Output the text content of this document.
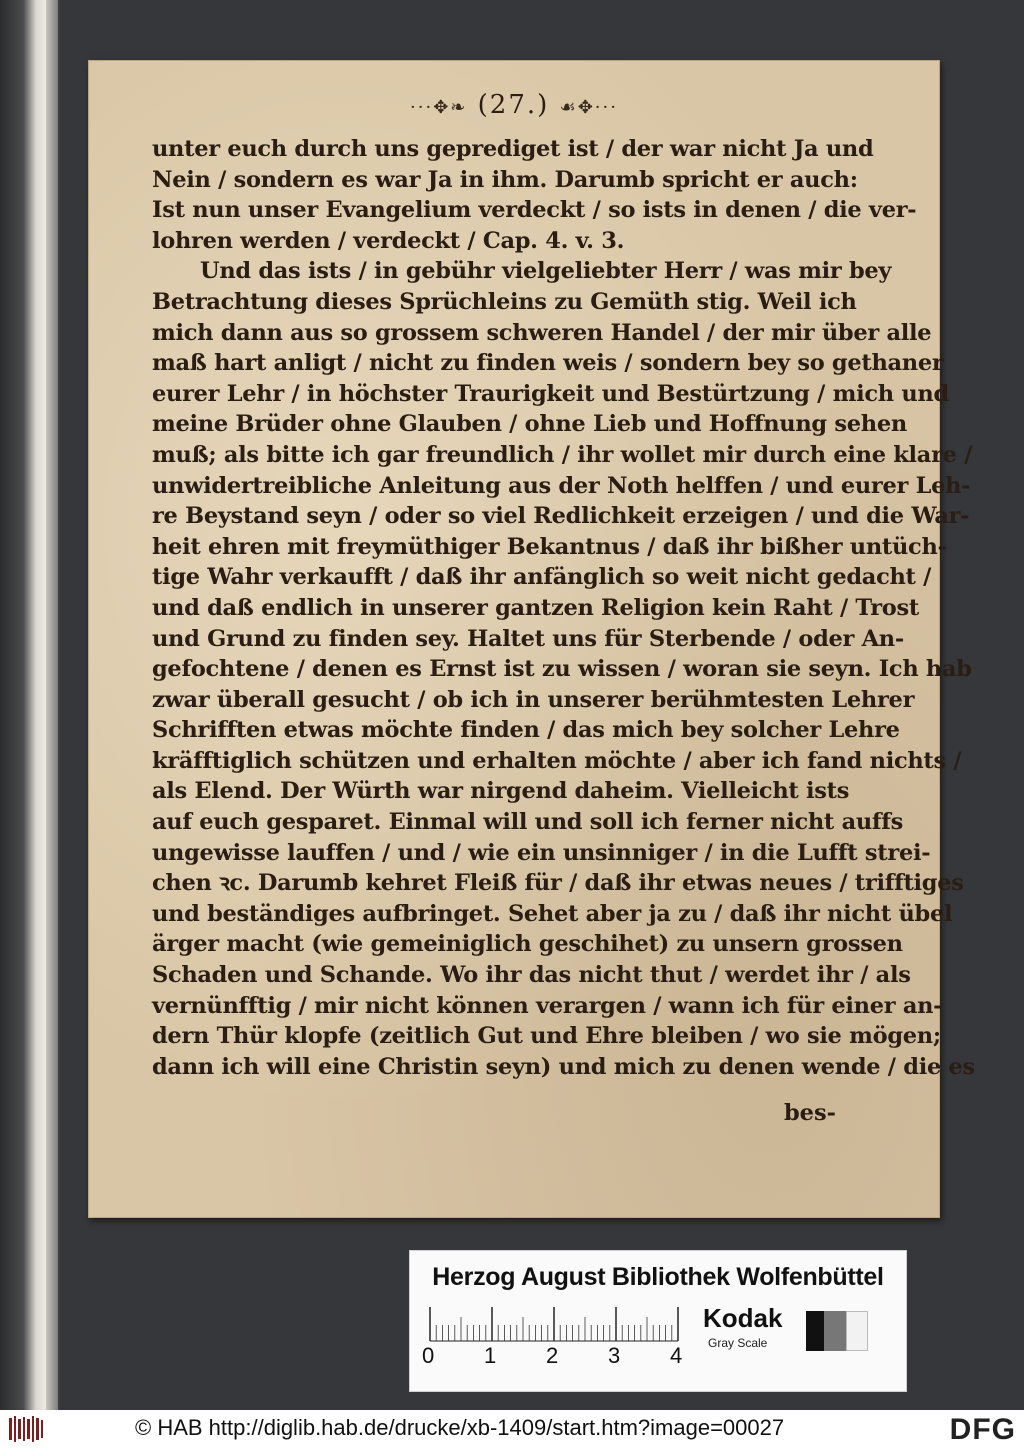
···✥❧ (27.) ☙✥···
unter euch durch uns geprediget ist / der war nicht Ja und
Nein / sondern es war Ja in ihm. Darumb spricht er auch:
Ist nun unser Evangelium verdeckt / so ists in denen / die ver-
lohren werden / verdeckt / Cap. 4. v. 3.
Und das ists / in gebühr vielgeliebter Herr / was mir bey
Betrachtung dieses Sprüchleins zu Gemüth stig. Weil ich
mich dann aus so grossem schweren Handel / der mir über alle
maß hart anligt / nicht zu finden weis / sondern bey so gethaner
eurer Lehr / in höchster Traurigkeit und Bestürtzung / mich und
meine Brüder ohne Glauben / ohne Lieb und Hoffnung sehen
muß; als bitte ich gar freundlich / ihr wollet mir durch eine klare /
unwidertreibliche Anleitung aus der Noth helffen / und eurer Leh-
re Beystand seyn / oder so viel Redlichkeit erzeigen / und die War-
heit ehren mit freymüthiger Bekantnus / daß ihr bißher untüch-
tige Wahr verkaufft / daß ihr anfänglich so weit nicht gedacht /
und daß endlich in unserer gantzen Religion kein Raht / Trost
und Grund zu finden sey. Haltet uns für Sterbende / oder An-
gefochtene / denen es Ernst ist zu wissen / woran sie seyn. Ich hab
zwar überall gesucht / ob ich in unserer berühmtesten Lehrer
Schrifften etwas möchte finden / das mich bey solcher Lehre
kräfftiglich schützen und erhalten möchte / aber ich fand nichts /
als Elend. Der Würth war nirgend daheim. Vielleicht ists
auf euch gesparet. Einmal will und soll ich ferner nicht auffs
ungewisse lauffen / und / wie ein unsinniger / in die Lufft strei-
chen ꝛc. Darumb kehret Fleiß für / daß ihr etwas neues / trifftiges
und beständiges aufbringet. Sehet aber ja zu / daß ihr nicht übel
ärger macht (wie gemeiniglich geschihet) zu unsern grossen
Schaden und Schande. Wo ihr das nicht thut / werdet ihr / als
vernünfftig / mir nicht können verargen / wann ich für einer an-
dern Thür klopfe (zeitlich Gut und Ehre bleiben / wo sie mögen;
dann ich will eine Christin seyn) und mich zu denen wende / die es
bes-
Herzog August Bibliothek Wolfenbüttel
0 1 2 3 4
Kodak
Gray Scale
© HAB http://diglib.hab.de/drucke/xb-1409/start.htm?image=00027	DFG
